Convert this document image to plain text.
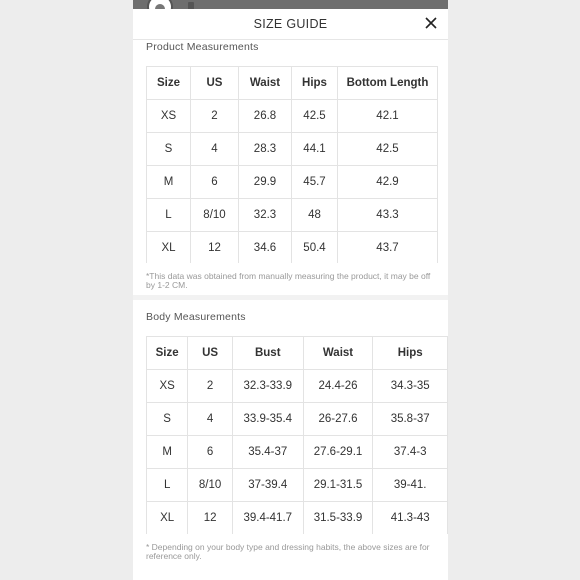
SIZE GUIDE
Product Measurements
Size	US	Waist	Hips	Bottom Length
XS	2	26.8	42.5	42.1
S	4	28.3	44.1	42.5
M	6	29.9	45.7	42.9
L	8/10	32.3	48	43.3
XL	12	34.6	50.4	43.7
*This data was obtained from manually measuring the product, it may be off by 1-2 CM.
Body Measurements
Size	US	Bust	Waist	Hips
XS	2	32.3-33.9	24.4-26	34.3-35
S	4	33.9-35.4	26-27.6	35.8-37
M	6	35.4-37	27.6-29.1	37.4-3
L	8/10	37-39.4	29.1-31.5	39-41.
XL	12	39.4-41.7	31.5-33.9	41.3-43
* Depending on your body type and dressing habits, the above sizes are for reference only.
